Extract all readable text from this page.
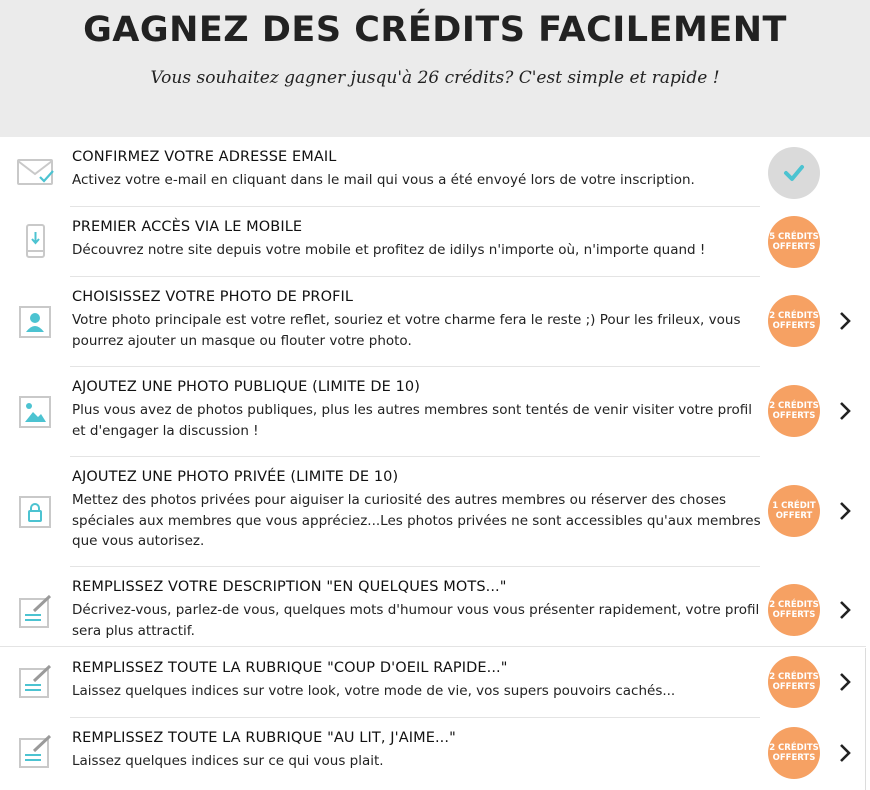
GAGNEZ DES CRÉDITS FACILEMENT

Vous souhaitez gagner jusqu'à 26 crédits? C'est simple et rapide !

CONFIRMEZ VOTRE ADRESSE EMAIL

Activez votre e-mail en cliquant dans le mail qui vous a été envoyé lors de votre inscription.

PREMIER ACCÈS VIA LE MOBILE

Découvrez notre site depuis votre mobile et profitez de idilys n'importe où, n'importe quand !

5 CRÉDITS
OFFERTS

CHOISISSEZ VOTRE PHOTO DE PROFIL

Votre photo principale est votre reflet, souriez et votre charme fera le reste ;) Pour les frileux, vous pourrez ajouter un masque ou flouter votre photo.

2 CRÉDITS
OFFERTS

AJOUTEZ UNE PHOTO PUBLIQUE (LIMITE DE 10)

Plus vous avez de photos publiques, plus les autres membres sont tentés de venir visiter votre profil et d'engager la discussion !

2 CRÉDITS
OFFERTS

AJOUTEZ UNE PHOTO PRIVÉE (LIMITE DE 10)

Mettez des photos privées pour aiguiser la curiosité des autres membres ou réserver des choses spéciales aux membres que vous appréciez...Les photos privées ne sont accessibles qu'aux membres que vous autorisez.

1 CRÉDIT
OFFERT

REMPLISSEZ VOTRE DESCRIPTION "EN QUELQUES MOTS..."

Décrivez-vous, parlez-de vous, quelques mots d'humour vous vous présenter rapidement, votre profil sera plus attractif.

2 CRÉDITS
OFFERTS

REMPLISSEZ TOUTE LA RUBRIQUE "COUP D'OEIL RAPIDE..."

Laissez quelques indices sur votre look, votre mode de vie, vos supers pouvoirs cachés...

2 CRÉDITS
OFFERTS

REMPLISSEZ TOUTE LA RUBRIQUE "AU LIT, J'AIME..."

Laissez quelques indices sur ce qui vous plait.

2 CRÉDITS
OFFERTS
